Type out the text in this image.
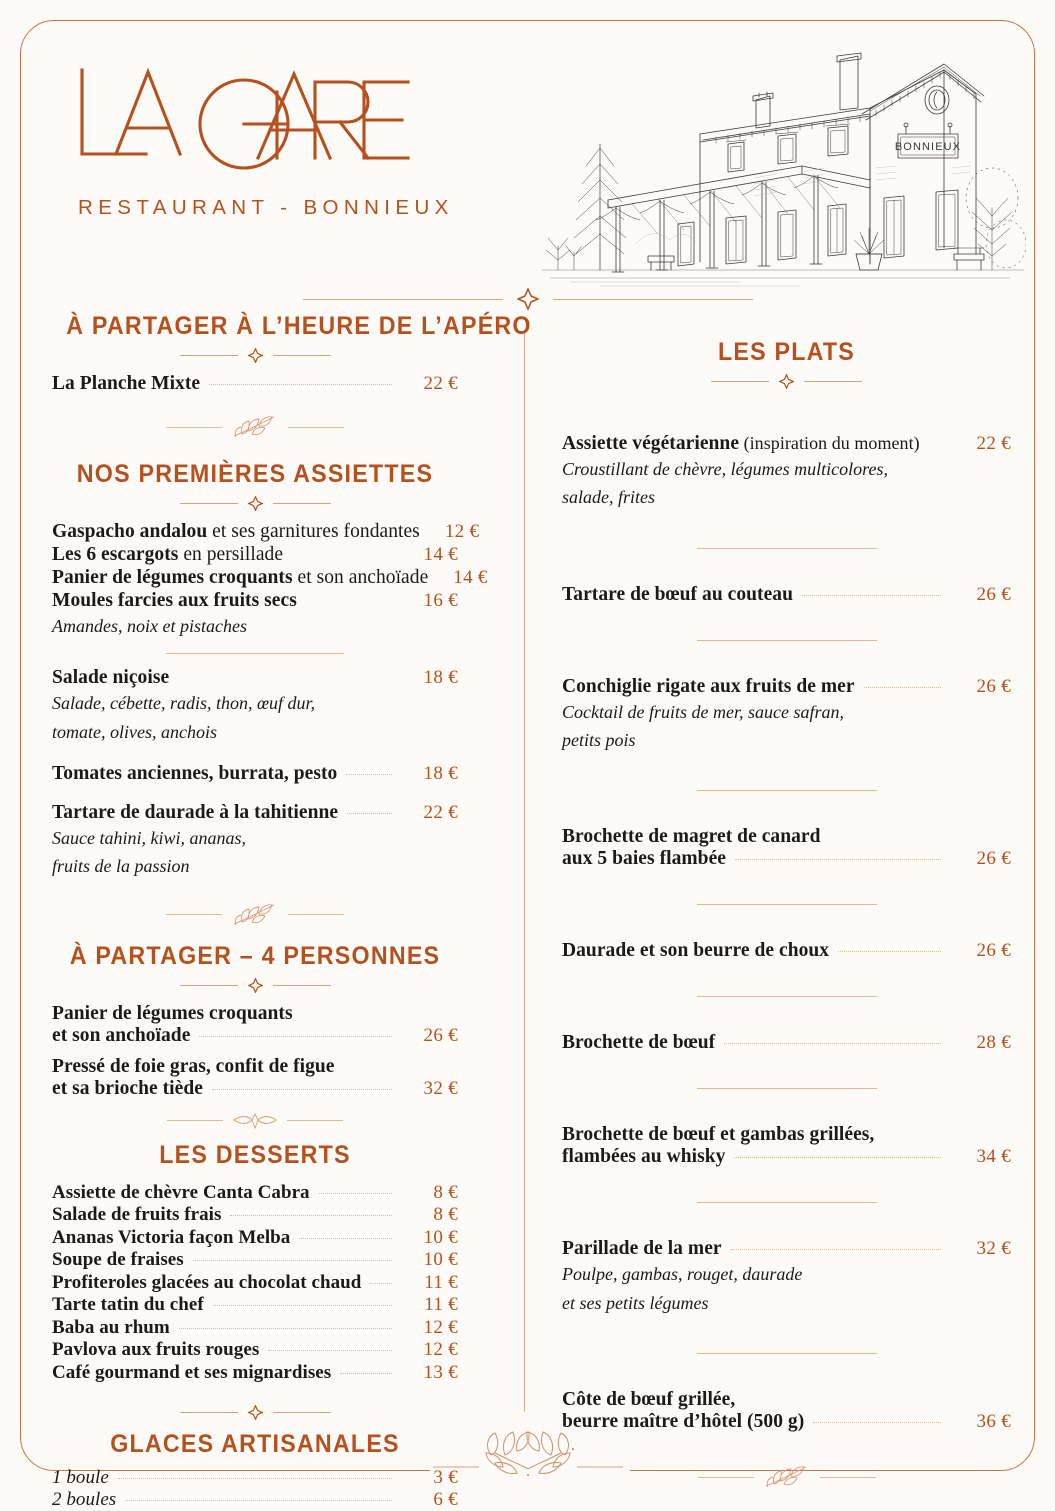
RESTAURANT - BONNIEUX
BONNIEUX
À PARTAGER À L’HEURE DE L’APÉRO
La Planche Mixte	22 €
NOS PREMIÈRES ASSIETTES
Gaspacho andalou et ses garnitures fondantes 12 €
Les 6 escargots en persillade	14 €
Panier de légumes croquants et son anchoïade 14 €
Moules farcies aux fruits secs	16 €
Amandes, noix et pistaches
Salade niçoise	18 €
Salade, cébette, radis, thon, œuf dur,
tomate, olives, anchois
Tomates anciennes, burrata, pesto	18 €
Tartare de daurade à la tahitienne	22 €
Sauce tahini, kiwi, ananas,
fruits de la passion
À PARTAGER – 4 PERSONNES
Panier de légumes croquants
et son anchoïade	26 €
Pressé de foie gras, confit de figue
et sa brioche tiède	32 €
LES DESSERTS
Assiette de chèvre Canta Cabra	8 €
Salade de fruits frais	8 €
Ananas Victoria façon Melba	10 €
Soupe de fraises	10 €
Profiteroles glacées au chocolat chaud	11 €
Tarte tatin du chef	11 €
Baba au rhum	12 €
Pavlova aux fruits rouges	12 €
Café gourmand et ses mignardises	13 €
GLACES ARTISANALES
1 boule	3 €
2 boules	6 €
LES PLATS
Assiette végétarienne (inspiration du moment)	22 €
Croustillant de chèvre, légumes multicolores,
salade, frites
Tartare de bœuf au couteau	26 €
Conchiglie rigate aux fruits de mer	26 €
Cocktail de fruits de mer, sauce safran,
petits pois
Brochette de magret de canard
aux 5 baies flambée	26 €
Daurade et son beurre de choux	26 €
Brochette de bœuf	28 €
Brochette de bœuf et gambas grillées,
flambées au whisky	34 €
Parillade de la mer	32 €
Poulpe, gambas, rouget, daurade
et ses petits légumes
Côte de bœuf grillée,
beurre maître d’hôtel (500 g)	36 €
